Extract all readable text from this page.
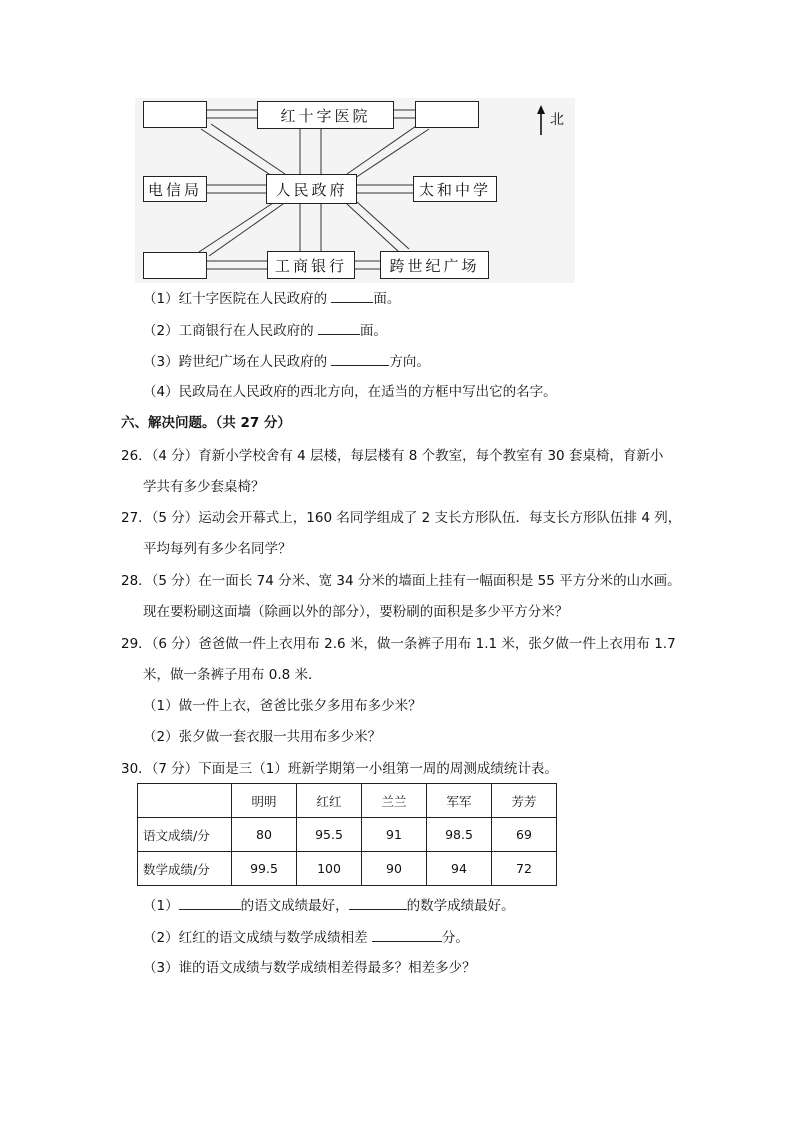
红十字医院
电信局	人民政府	太和中学
工商银行	跨世纪广场
北
（1）红十字医院在人民政府的	面。
（2）工商银行在人民政府的	面。
（3）跨世纪广场在人民政府的	方向。
（4）民政局在人民政府的西北方向，在适当的方框中写出它的名字。
六、解决问题。（共 27 分）
26．（4 分）育新小学校舍有 4 层楼，每层楼有 8 个教室，每个教室有 30 套桌椅，育新小
学共有多少套桌椅？
27．（5 分）运动会开幕式上，160 名同学组成了 2 支长方形队伍．每支长方形队伍排 4 列，
平均每列有多少名同学？
28．（5 分）在一面长 74 分米、宽 34 分米的墙面上挂有一幅面积是 55 平方分米的山水画。
现在要粉刷这面墙（除画以外的部分），要粉刷的面积是多少平方分米？
29．（6 分）爸爸做一件上衣用布 2.6 米，做一条裤子用布 1.1 米，张夕做一件上衣用布 1.7
米，做一条裤子用布 0.8 米．
（1）做一件上衣，爸爸比张夕多用布多少米？
（2）张夕做一套衣服一共用布多少米？
30．（7 分）下面是三（1）班新学期第一小组第一周的周测成绩统计表。
	明明	红红	兰兰	军军	芳芳
语文成绩/分	80	95.5	91	98.5	69
数学成绩/分	99.5	100	90	94	72
（1）	的语文成绩最好，	的数学成绩最好。
（2）红红的语文成绩与数学成绩相差	分。
（3）谁的语文成绩与数学成绩相差得最多？相差多少？
